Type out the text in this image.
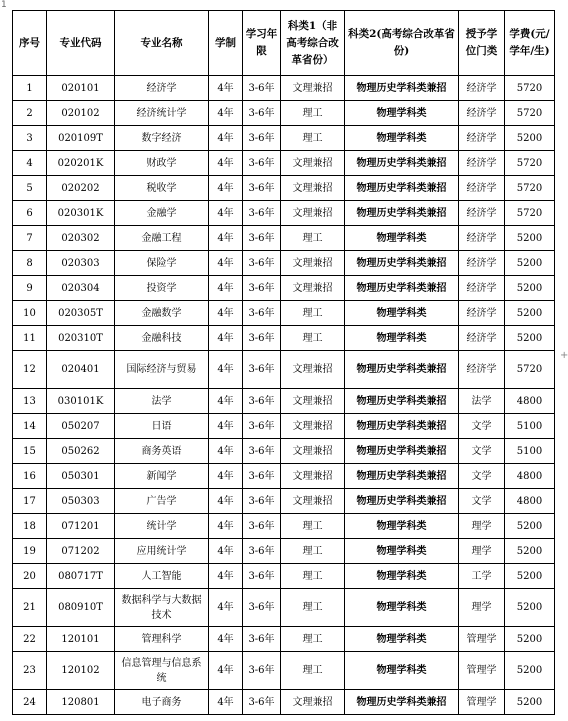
1
+
序号	专业代码	专业名称	学制	学习年限	科类1（非高考综合改革省份）	科类2(高考综合改革省份)	授予学位门类	学费(元/学年/生)
1	020101	经济学	4年	3-6年	文理兼招	物理历史学科类兼招	经济学	5720
2	020102	经济统计学	4年	3-6年	理工	物理学科类	经济学	5720
3	020109T	数字经济	4年	3-6年	理工	物理学科类	经济学	5200
4	020201K	财政学	4年	3-6年	文理兼招	物理历史学科类兼招	经济学	5720
5	020202	税收学	4年	3-6年	文理兼招	物理历史学科类兼招	经济学	5720
6	020301K	金融学	4年	3-6年	文理兼招	物理历史学科类兼招	经济学	5720
7	020302	金融工程	4年	3-6年	理工	物理学科类	经济学	5200
8	020303	保险学	4年	3-6年	文理兼招	物理历史学科类兼招	经济学	5200
9	020304	投资学	4年	3-6年	文理兼招	物理历史学科类兼招	经济学	5200
10	020305T	金融数学	4年	3-6年	理工	物理学科类	经济学	5200
11	020310T	金融科技	4年	3-6年	理工	物理学科类	经济学	5200
12	020401	国际经济与贸易	4年	3-6年	文理兼招	物理历史学科类兼招	经济学	5720
13	030101K	法学	4年	3-6年	文理兼招	物理历史学科类兼招	法学	4800
14	050207	日语	4年	3-6年	文理兼招	物理历史学科类兼招	文学	5100
15	050262	商务英语	4年	3-6年	文理兼招	物理历史学科类兼招	文学	5100
16	050301	新闻学	4年	3-6年	文理兼招	物理历史学科类兼招	文学	4800
17	050303	广告学	4年	3-6年	文理兼招	物理历史学科类兼招	文学	4800
18	071201	统计学	4年	3-6年	理工	物理学科类	理学	5200
19	071202	应用统计学	4年	3-6年	理工	物理学科类	理学	5200
20	080717T	人工智能	4年	3-6年	理工	物理学科类	工学	5200
21	080910T	数据科学与大数据技术	4年	3-6年	理工	物理学科类	理学	5200
22	120101	管理科学	4年	3-6年	理工	物理学科类	管理学	5200
23	120102	信息管理与信息系统	4年	3-6年	理工	物理学科类	管理学	5200
24	120801	电子商务	4年	3-6年	文理兼招	物理历史学科类兼招	管理学	5200
